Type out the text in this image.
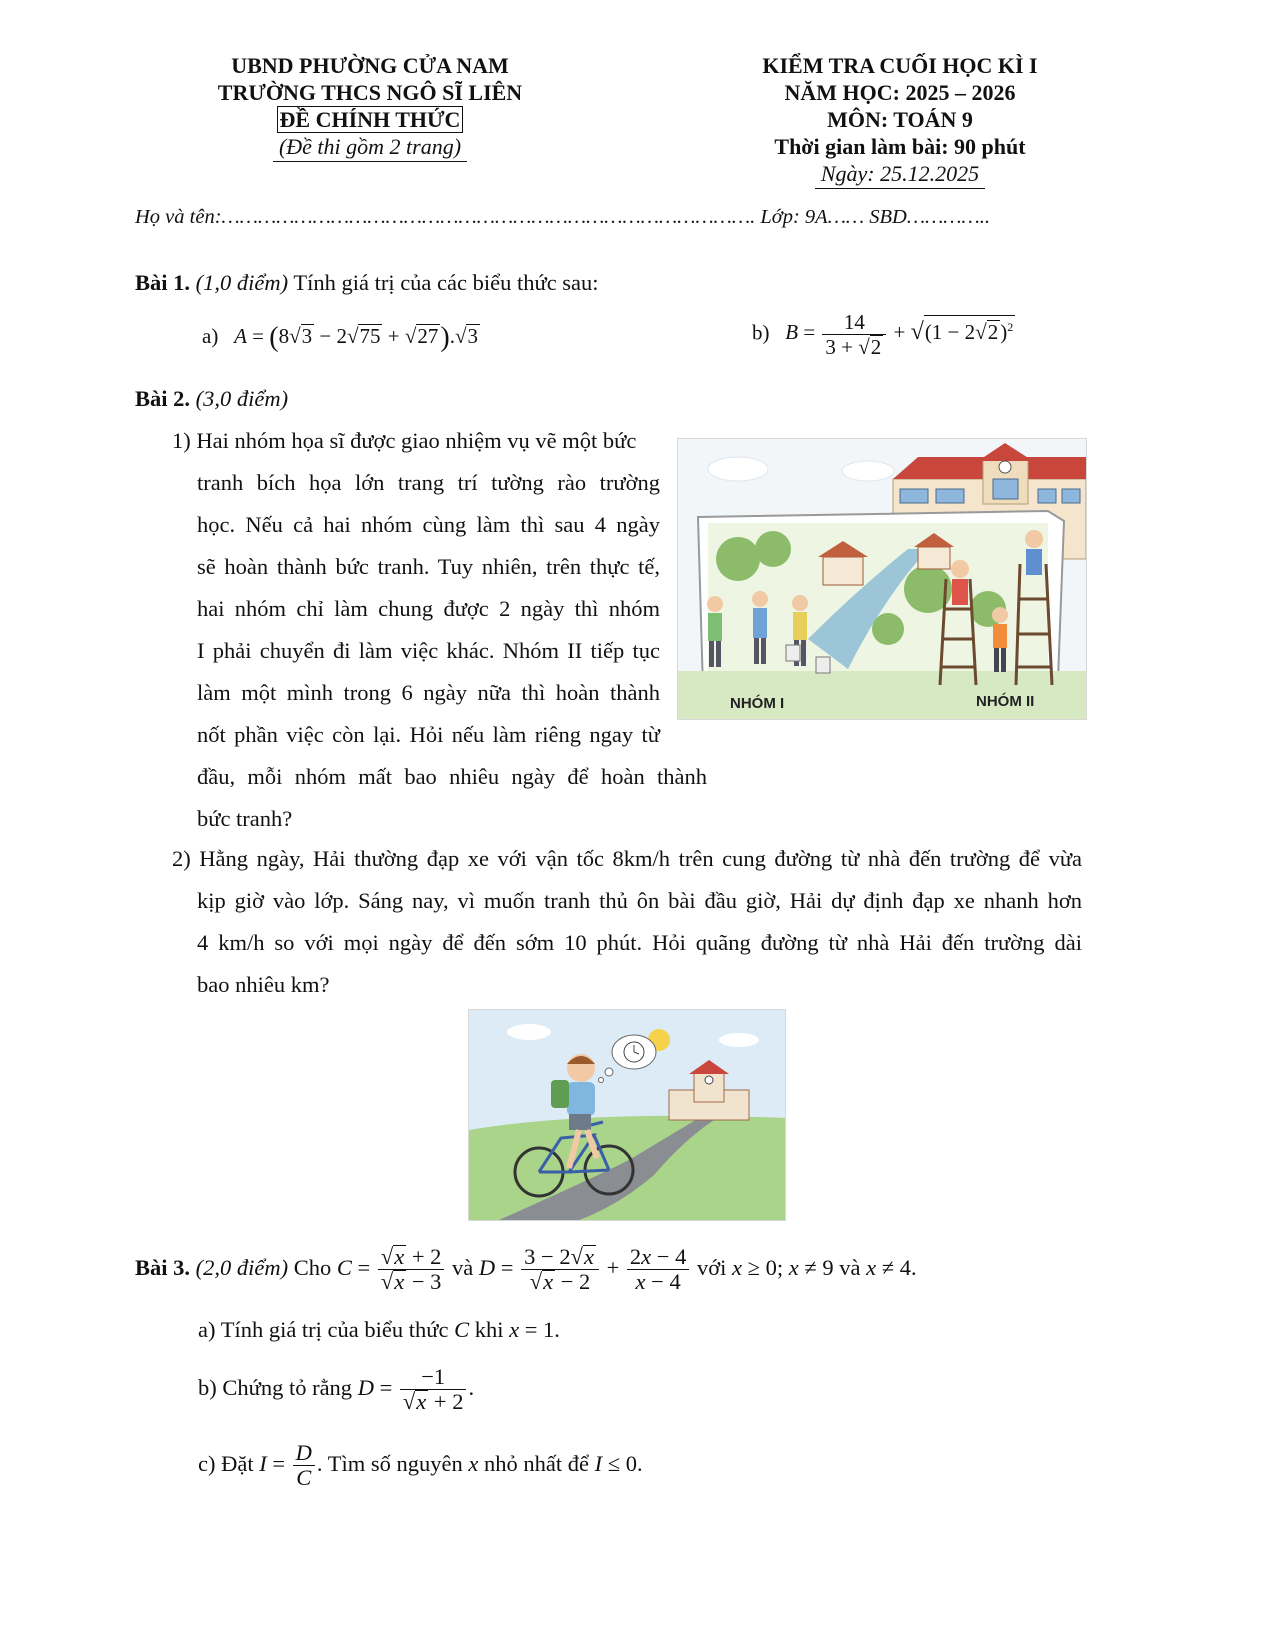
UBND PHƯỜNG CỬA NAM
TRƯỜNG THCS NGÔ SĨ LIÊN
ĐỀ CHÍNH THỨC
(Đề thi gồm 2 trang)
KIỂM TRA CUỐI HỌC KÌ I
NĂM HỌC: 2025 – 2026
MÔN: TOÁN 9
Thời gian làm bài: 90 phút
Ngày: 25.12.2025
Họ và tên:……………………………………………………………………………. Lớp: 9A…… SBD…………..
Bài 1. (1,0 điểm) Tính giá trị của các biểu thức sau:
a) A = (8√3 − 2√75 + √27).√3	b) $B = \frac{14}{3 + √2} + √(1 - 2√2)^2$
Bài 2. (3,0 điểm)
1) Hai nhóm họa sĩ được giao nhiệm vụ vẽ một bức
tranh bích họa lớn trang trí tường rào trường
học. Nếu cả hai nhóm cùng làm thì sau 4 ngày
sẽ hoàn thành bức tranh. Tuy nhiên, trên thực tế,
hai nhóm chỉ làm chung được 2 ngày thì nhóm
I phải chuyển đi làm việc khác. Nhóm II tiếp tục
làm một mình trong 6 ngày nữa thì hoàn thành
nốt phần việc còn lại. Hỏi nếu làm riêng ngay từ
đầu, mỗi nhóm mất bao nhiêu ngày để hoàn thành
bức tranh?
NHÓM I	NHÓM II
2) Hằng ngày, Hải thường đạp xe với vận tốc 8km/h trên cung đường từ nhà đến trường để vừa
kịp giờ vào lớp. Sáng nay, vì muốn tranh thủ ôn bài đầu giờ, Hải dự định đạp xe nhanh hơn
4 km/h so với mọi ngày để đến sớm 10 phút. Hỏi quãng đường từ nhà Hải đến trường dài
bao nhiêu km?
Bài 3. (2,0 điểm) Cho $C = \frac{√x + 2}{√x - 3}$ và $D = \frac{3 - 2√x}{√x - 2} + \frac{2x - 4}{x - 4}$ với x ≥ 0; x ≠ 9 và x ≠ 4.
a) Tính giá trị của biểu thức C khi x = 1.
b) Chứng tỏ rằng $D = \frac{-1}{√x + 2}$ .
c) Đặt $I = \frac{D}{C}$ . Tìm số nguyên x nhỏ nhất để I ≤ 0.
